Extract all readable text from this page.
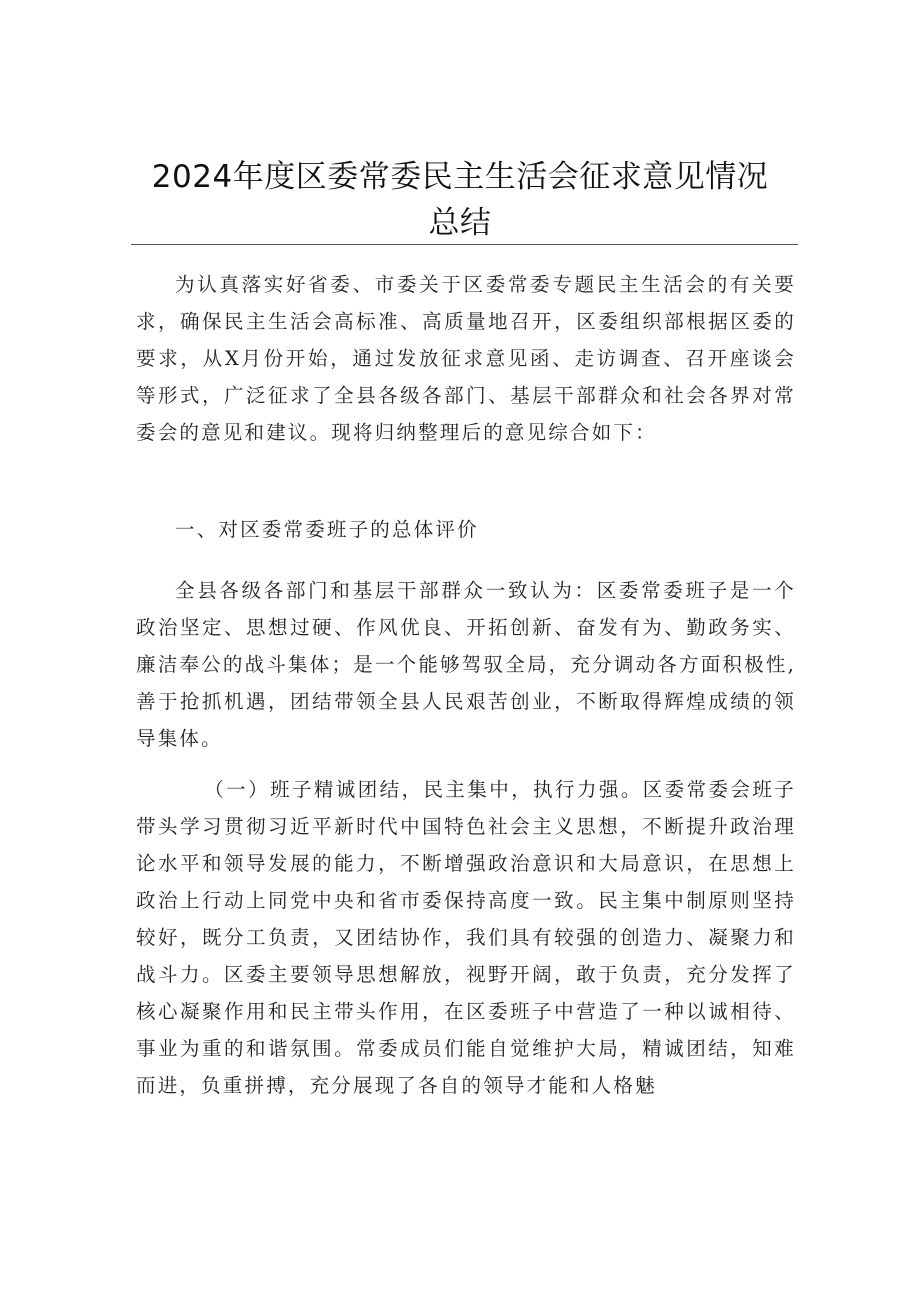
2024年度区委常委民主生活会征求意见情况
总结

为认真落实好省委、市委关于区委常委专题民主生活会的有关要求，确保民主生活会高标准、高质量地召开，区委组织部根据区委的要求，从X月份开始，通过发放征求意见函、走访调查、召开座谈会等形式，广泛征求了全县各级各部门、基层干部群众和社会各界对常委会的意见和建议。现将归纳整理后的意见综合如下：

一、对区委常委班子的总体评价

全县各级各部门和基层干部群众一致认为：区委常委班子是一个政治坚定、思想过硬、作风优良、开拓创新、奋发有为、勤政务实、廉洁奉公的战斗集体；是一个能够驾驭全局，充分调动各方面积极性,善于抢抓机遇，团结带领全县人民艰苦创业，不断取得辉煌成绩的领导集体。

（一）班子精诚团结，民主集中，执行力强。区委常委会班子带头学习贯彻习近平新时代中国特色社会主义思想，不断提升政治理论水平和领导发展的能力，不断增强政治意识和大局意识，在思想上政治上行动上同党中央和省市委保持高度一致。民主集中制原则坚持较好，既分工负责，又团结协作，我们具有较强的创造力、凝聚力和战斗力。区委主要领导思想解放，视野开阔，敢于负责，充分发挥了核心凝聚作用和民主带头作用，在区委班子中营造了一种以诚相待、事业为重的和谐氛围。常委成员们能自觉维护大局，精诚团结，知难而进，负重拼搏，充分展现了各自的领导才能和人格魅
